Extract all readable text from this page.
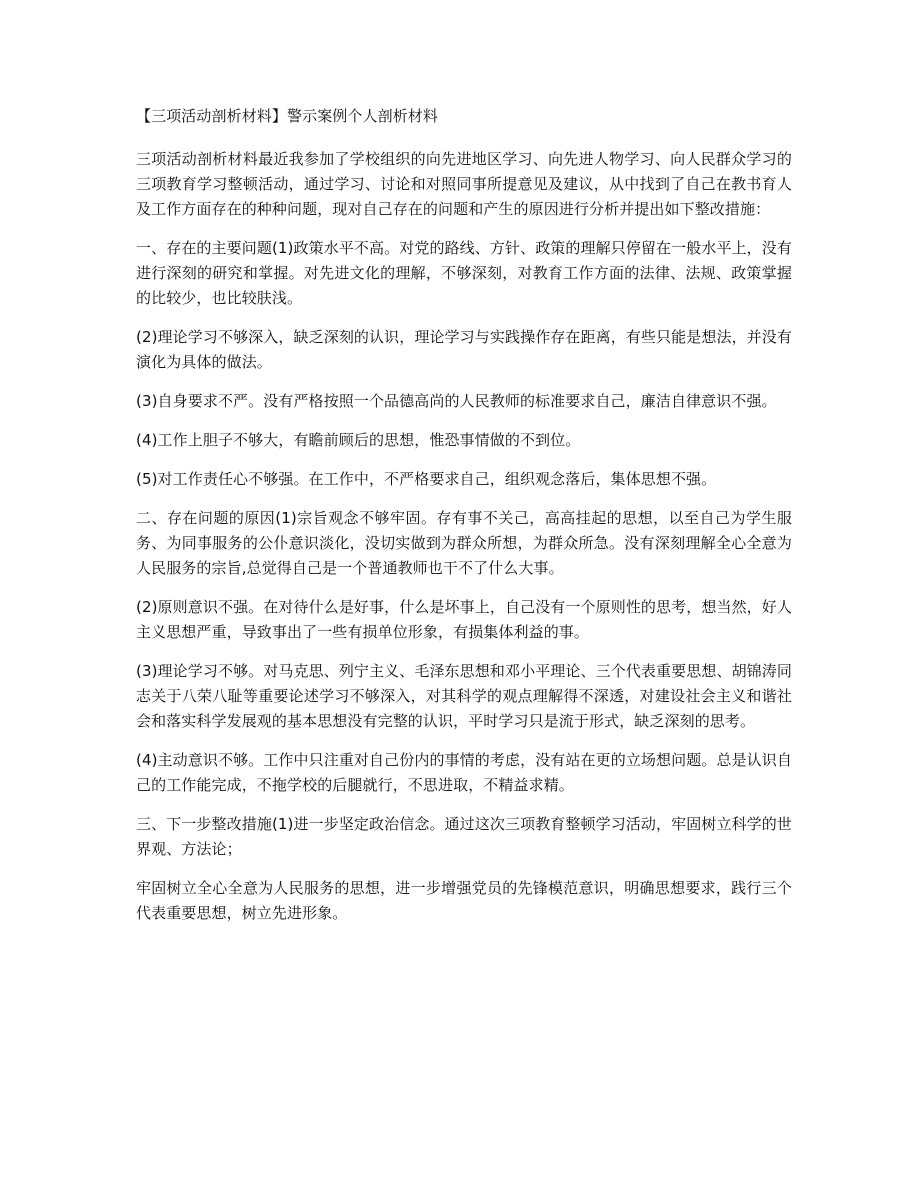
【三项活动剖析材料】警示案例个人剖析材料

三项活动剖析材料最近我参加了学校组织的向先进地区学习、向先进人物学习、向人民群众学习的三项教育学习整顿活动，通过学习、讨论和对照同事所提意见及建议，从中找到了自己在教书育人及工作方面存在的种种问题，现对自己存在的问题和产生的原因进行分析并提出如下整改措施：

一、存在的主要问题(1)政策水平不高。对党的路线、方针、政策的理解只停留在一般水平上，没有进行深刻的研究和掌握。对先进文化的理解，不够深刻，对教育工作方面的法律、法规、政策掌握的比较少，也比较肤浅。

(2)理论学习不够深入，缺乏深刻的认识，理论学习与实践操作存在距离，有些只能是想法，并没有演化为具体的做法。

(3)自身要求不严。没有严格按照一个品德高尚的人民教师的标准要求自己，廉洁自律意识不强。

(4)工作上胆子不够大，有瞻前顾后的思想，惟恐事情做的不到位。

(5)对工作责任心不够强。在工作中，不严格要求自己，组织观念落后，集体思想不强。

二、存在问题的原因(1)宗旨观念不够牢固。存有事不关己，高高挂起的思想，以至自己为学生服务、为同事服务的公仆意识淡化，没切实做到为群众所想，为群众所急。没有深刻理解全心全意为人民服务的宗旨,总觉得自己是一个普通教师也干不了什么大事。

(2)原则意识不强。在对待什么是好事，什么是坏事上，自己没有一个原则性的思考，想当然，好人主义思想严重，导致事出了一些有损单位形象，有损集体利益的事。

(3)理论学习不够。对马克思、列宁主义、毛泽东思想和邓小平理论、三个代表重要思想、胡锦涛同志关于八荣八耻等重要论述学习不够深入，对其科学的观点理解得不深透，对建设社会主义和谐社会和落实科学发展观的基本思想没有完整的认识，平时学习只是流于形式，缺乏深刻的思考。

(4)主动意识不够。工作中只注重对自己份内的事情的考虑，没有站在更的立场想问题。总是认识自己的工作能完成，不拖学校的后腿就行，不思进取，不精益求精。

三、下一步整改措施(1)进一步坚定政治信念。通过这次三项教育整顿学习活动，牢固树立科学的世界观、方法论；

牢固树立全心全意为人民服务的思想，进一步增强党员的先锋模范意识，明确思想要求，践行三个代表重要思想，树立先进形象。
